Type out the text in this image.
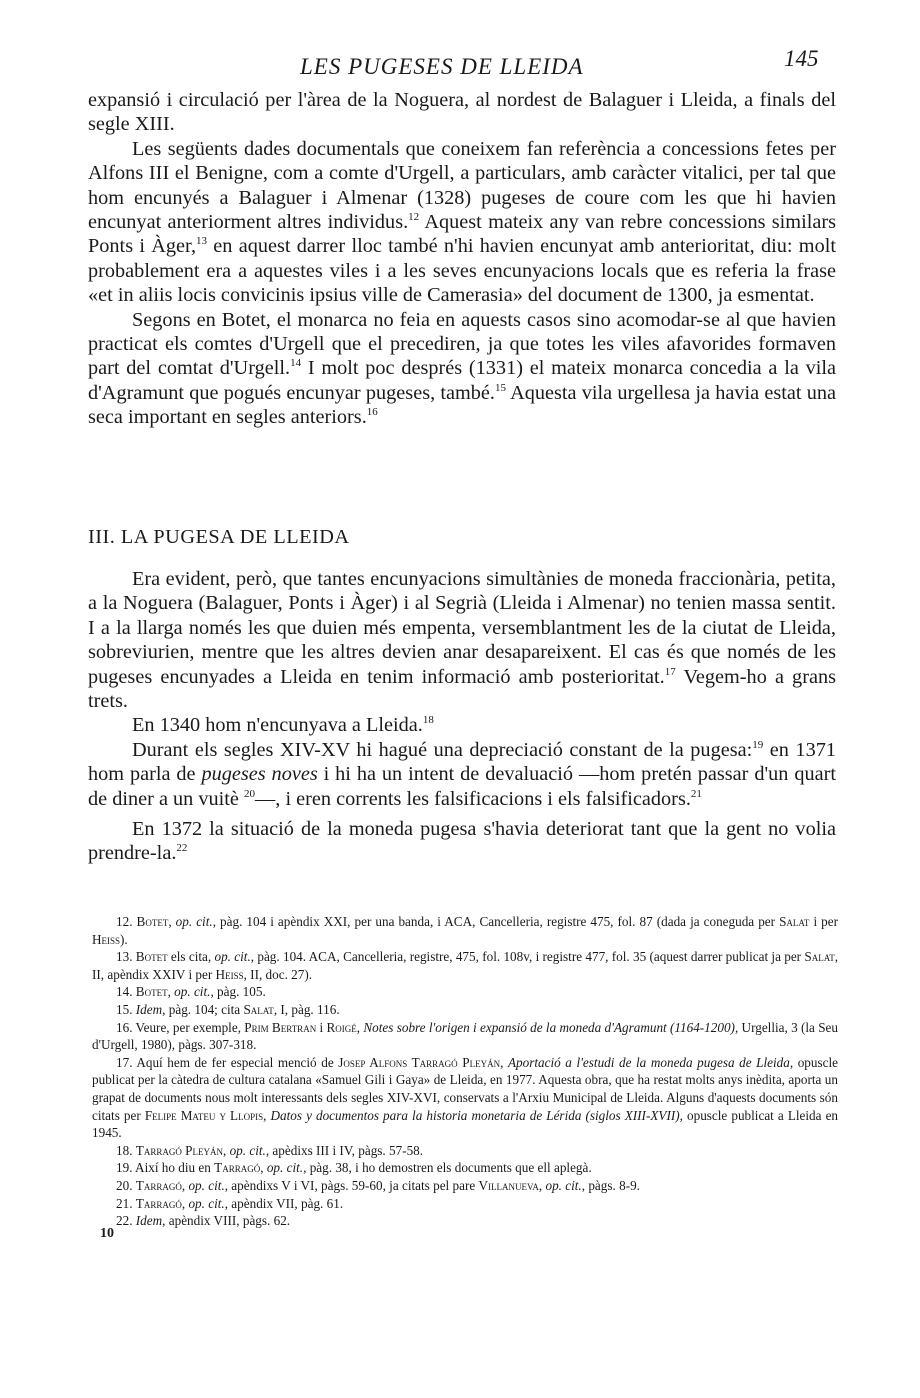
LES PUGESES DE LLEIDA	145

expansió i circulació per l'àrea de la Noguera, al nordest de Balaguer i Lleida, a finals del segle XIII.

Les següents dades documentals que coneixem fan referència a concessions fetes per Alfons III el Benigne, com a comte d'Urgell, a particulars, amb caràcter vitalici, per tal que hom encunyés a Balaguer i Almenar (1328) pugeses de coure com les que hi havien encunyat anteriorment altres individus.$^{12}$ Aquest mateix any van rebre concessions similars Ponts i Àger,$^{13}$ en aquest darrer lloc també n'hi havien encunyat amb anterioritat, diu: molt probablement era a aquestes viles i a les seves encunyacions locals que es referia la frase «et in aliis locis convicinis ipsius ville de Camerasia» del document de 1300, ja esmentat.

Segons en Botet, el monarca no feia en aquests casos sino acomodar-se al que havien practicat els comtes d'Urgell que el precediren, ja que totes les viles afavorides formaven part del comtat d'Urgell.$^{14}$ I molt poc després (1331) el mateix monarca concedia a la vila d'Agramunt que pogués encunyar pugeses, també.$^{15}$ Aquesta vila urgellesa ja havia estat una seca important en segles anteriors.$^{16}$

III. LA PUGESA DE LLEIDA

Era evident, però, que tantes encunyacions simultànies de moneda fraccionària, petita, a la Noguera (Balaguer, Ponts i Àger) i al Segrià (Lleida i Almenar) no tenien massa sentit. I a la llarga només les que duien més empenta, versemblantment les de la ciutat de Lleida, sobreviurien, mentre que les altres devien anar desapareixent. El cas és que només de les pugeses encunyades a Lleida en tenim informació amb posterioritat.$^{17}$ Vegem-ho a grans trets.

En 1340 hom n'encunyava a Lleida.$^{18}$

Durant els segles XIV-XV hi hagué una depreciació constant de la pugesa:$^{19}$ en 1371 hom parla de pugeses noves i hi ha un intent de devaluació —hom pretén passar d'un quart de diner a un vuitè $^{20}$—, i eren corrents les falsificacions i els falsificadors.$^{21}$

En 1372 la situació de la moneda pugesa s'havia deteriorat tant que la gent no volia prendre-la.$^{22}$

12. Botet, op. cit., pàg. 104 i apèndix XXI, per una banda, i ACA, Cancelleria, registre 475, fol. 87 (dada ja coneguda per Salat i per Heiss).

13. Botet els cita, op. cit., pàg. 104. ACA, Cancelleria, registre, 475, fol. 108v, i registre 477, fol. 35 (aquest darrer publicat ja per Salat, II, apèndix XXIV i per Heiss, II, doc. 27).

14. Botet, op. cit., pàg. 105.

15. Idem, pàg. 104; cita Salat, I, pàg. 116.

16. Veure, per exemple, Prim Bertran i Roigé, Notes sobre l'origen i expansió de la moneda d'Agramunt (1164-1200), Urgellia, 3 (la Seu d'Urgell, 1980), pàgs. 307-318.

17. Aquí hem de fer especial menció de Josep Alfons Tarragó Pleyán, Aportació a l'estudi de la moneda pugesa de Lleida, opuscle publicat per la càtedra de cultura catalana «Samuel Gili i Gaya» de Lleida, en 1977. Aquesta obra, que ha restat molts anys inèdita, aporta un grapat de documents nous molt interessants dels segles XIV-XVI, conservats a l'Arxiu Municipal de Lleida. Alguns d'aquests documents són citats per Felipe Mateu y Llopis, Datos y documentos para la historia monetaria de Lérida (siglos XIII-XVII), opuscle publicat a Lleida en 1945.

18. Tarragó Pleyán, op. cit., apèdixs III i IV, pàgs. 57-58.

19. Així ho diu en Tarragó, op. cit., pàg. 38, i ho demostren els documents que ell aplegà.

20. Tarragó, op. cit., apèndixs V i VI, pàgs. 59-60, ja citats pel pare Villanueva, op. cit., pàgs. 8-9.

21. Tarragó, op. cit., apèndix VII, pàg. 61.

22. Idem, apèndix VIII, pàgs. 62.

10
